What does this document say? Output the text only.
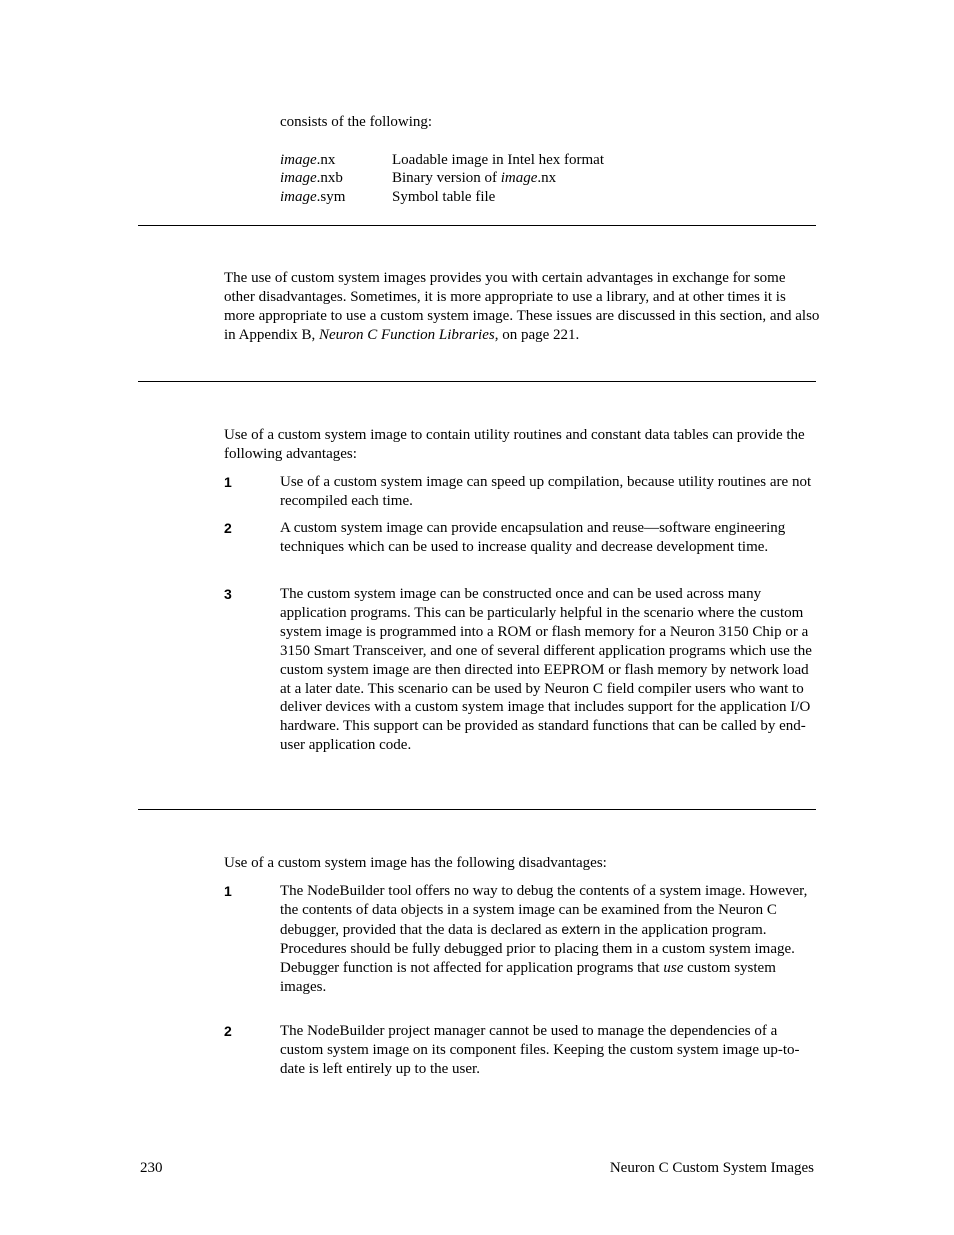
consists of the following:
image.nx	Loadable image in Intel hex format
image.nxb	Binary version of image.nx
image.sym	Symbol table file
The use of custom system images provides you with certain advantages in exchange for some other disadvantages. Sometimes, it is more appropriate to use a library, and at other times it is more appropriate to use a custom system image. These issues are discussed in this section, and also in Appendix B, Neuron C Function Libraries, on page 221.
Use of a custom system image to contain utility routines and constant data tables can provide the following advantages:
1	Use of a custom system image can speed up compilation, because utility routines are not recompiled each time.
2	A custom system image can provide encapsulation and reuse—software engineering techniques which can be used to increase quality and decrease development time.
3	The custom system image can be constructed once and can be used across many application programs. This can be particularly helpful in the scenario where the custom system image is programmed into a ROM or flash memory for a Neuron 3150 Chip or a 3150 Smart Transceiver, and one of several different application programs which use the custom system image are then directed into EEPROM or flash memory by network load at a later date. This scenario can be used by Neuron C field compiler users who want to deliver devices with a custom system image that includes support for the application I/O hardware. This support can be provided as standard functions that can be called by end-user application code.
Use of a custom system image has the following disadvantages:
1	The NodeBuilder tool offers no way to debug the contents of a system image. However, the contents of data objects in a system image can be examined from the Neuron C debugger, provided that the data is declared as extern in the application program. Procedures should be fully debugged prior to placing them in a custom system image. Debugger function is not affected for application programs that use custom system images.
2	The NodeBuilder project manager cannot be used to manage the dependencies of a custom system image on its component files. Keeping the custom system image up-to-date is left entirely up to the user.
230	Neuron C Custom System Images
